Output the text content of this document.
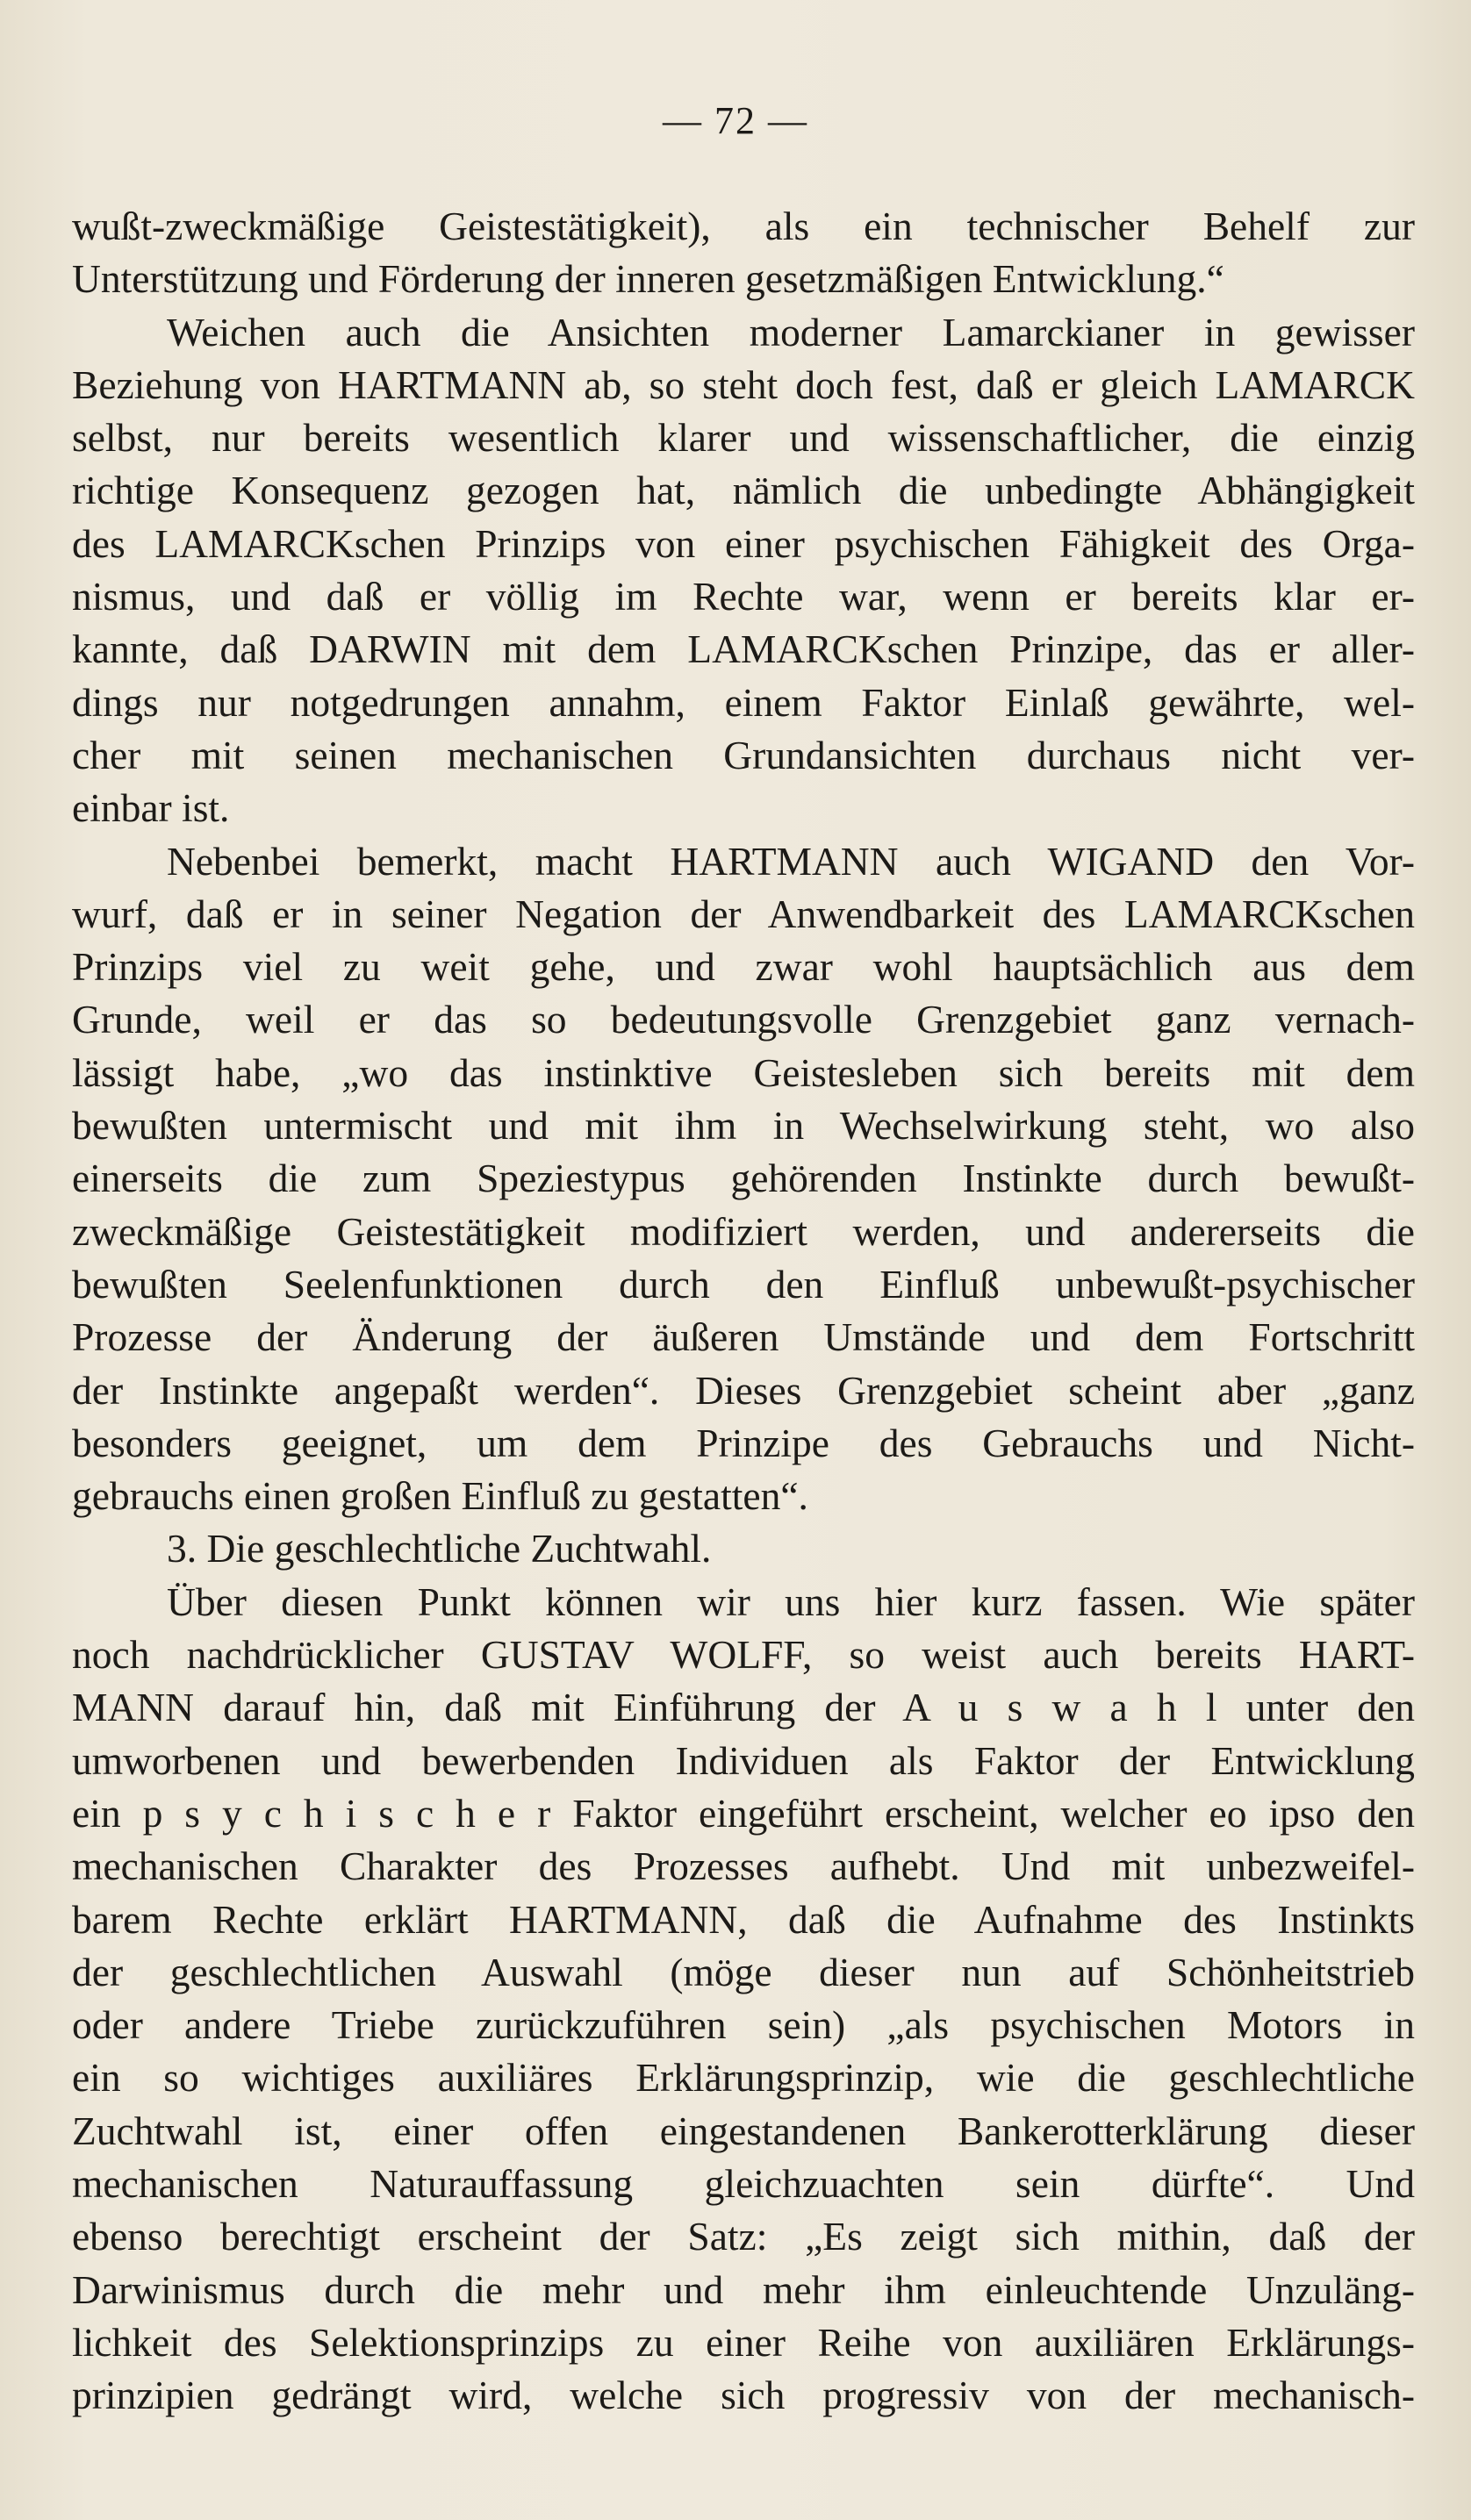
— 72 —
wußt-zweckmäßige Geistestätigkeit), als ein technischer Behelf zur
Unterstützung und Förderung der inneren gesetzmäßigen Entwicklung.“
Weichen auch die Ansichten moderner Lamarckianer in gewisser
Beziehung von HARTMANN ab, so steht doch fest, daß er gleich LAMARCK
selbst, nur bereits wesentlich klarer und wissenschaftlicher, die einzig
richtige Konsequenz gezogen hat, nämlich die unbedingte Abhängigkeit
des LAMARCKschen Prinzips von einer psychischen Fähigkeit des Orga-
nismus, und daß er völlig im Rechte war, wenn er bereits klar er-
kannte, daß DARWIN mit dem LAMARCKschen Prinzipe, das er aller-
dings nur notgedrungen annahm, einem Faktor Einlaß gewährte, wel-
cher mit seinen mechanischen Grundansichten durchaus nicht ver-
einbar ist.
Nebenbei bemerkt, macht HARTMANN auch WIGAND den Vor-
wurf, daß er in seiner Negation der Anwendbarkeit des LAMARCKschen
Prinzips viel zu weit gehe, und zwar wohl hauptsächlich aus dem
Grunde, weil er das so bedeutungsvolle Grenzgebiet ganz vernach-
lässigt habe, „wo das instinktive Geistesleben sich bereits mit dem
bewußten untermischt und mit ihm in Wechselwirkung steht, wo also
einerseits die zum Speziestypus gehörenden Instinkte durch bewußt-
zweckmäßige Geistestätigkeit modifiziert werden, und andererseits die
bewußten Seelenfunktionen durch den Einfluß unbewußt-psychischer
Prozesse der Änderung der äußeren Umstände und dem Fortschritt
der Instinkte angepaßt werden“. Dieses Grenzgebiet scheint aber „ganz
besonders geeignet, um dem Prinzipe des Gebrauchs und Nicht-
gebrauchs einen großen Einfluß zu gestatten“.
3. Die geschlechtliche Zuchtwahl.
Über diesen Punkt können wir uns hier kurz fassen. Wie später
noch nachdrücklicher GUSTAV WOLFF, so weist auch bereits HART-
MANN darauf hin, daß mit Einführung der A u s w a h l unter den
umworbenen und bewerbenden Individuen als Faktor der Entwicklung
ein p s y c h i s c h e r Faktor eingeführt erscheint, welcher eo ipso den
mechanischen Charakter des Prozesses aufhebt. Und mit unbezweifel-
barem Rechte erklärt HARTMANN, daß die Aufnahme des Instinkts
der geschlechtlichen Auswahl (möge dieser nun auf Schönheitstrieb
oder andere Triebe zurückzuführen sein) „als psychischen Motors in
ein so wichtiges auxiliäres Erklärungsprinzip, wie die geschlechtliche
Zuchtwahl ist, einer offen eingestandenen Bankerotterklärung dieser
mechanischen Naturauffassung gleichzuachten sein dürfte“. Und
ebenso berechtigt erscheint der Satz: „Es zeigt sich mithin, daß der
Darwinismus durch die mehr und mehr ihm einleuchtende Unzuläng-
lichkeit des Selektionsprinzips zu einer Reihe von auxiliären Erklärungs-
prinzipien gedrängt wird, welche sich progressiv von der mechanisch-
